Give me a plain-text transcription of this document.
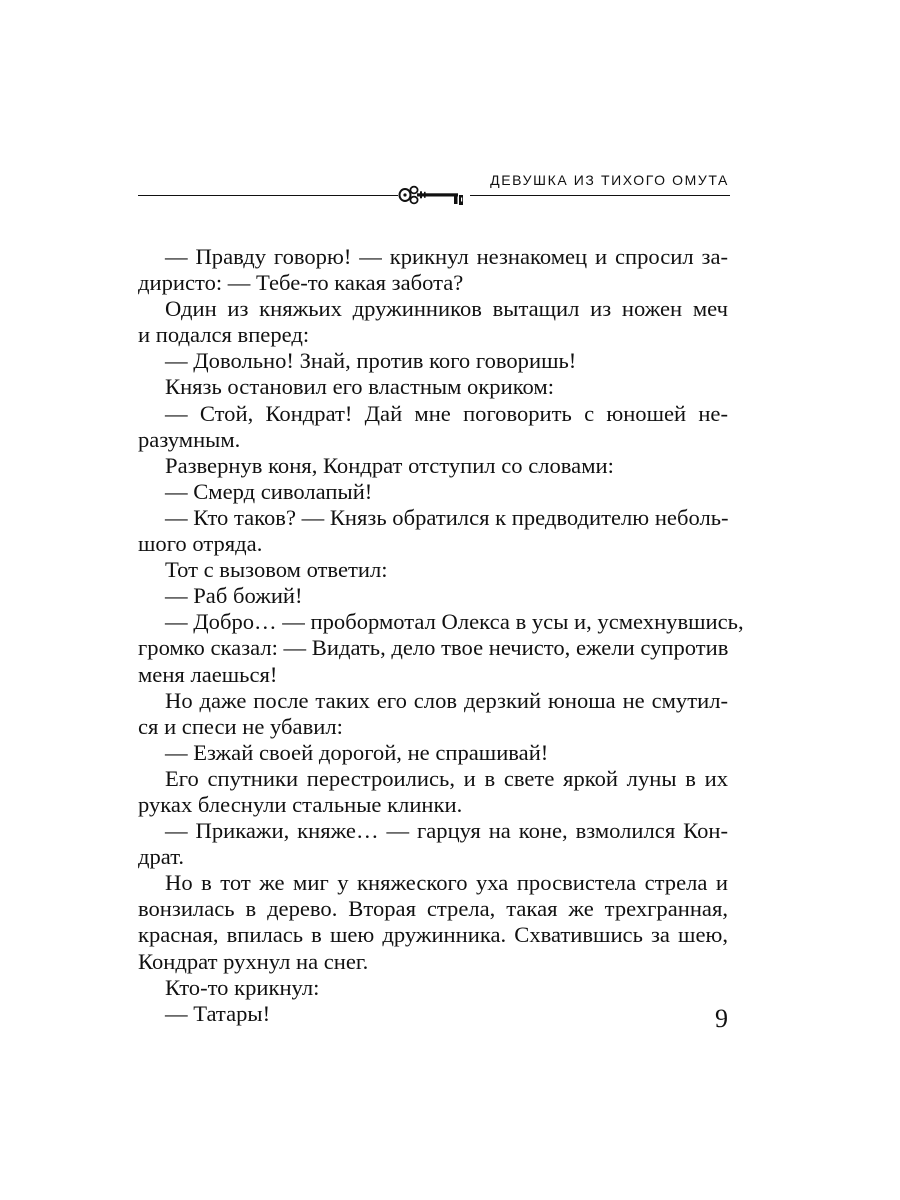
ДЕВУШКА ИЗ ТИХОГО ОМУТА
— Правду говорю! — крикнул незнакомец и спросил за-
диристо: — Тебе-то какая забота?
Один из княжьих дружинников вытащил из ножен меч
и подался вперед:
— Довольно! Знай, против кого говоришь!
Князь остановил его властным окриком:
— Стой, Кондрат! Дай мне поговорить с юношей не-
разумным.
Развернув коня, Кондрат отступил со словами:
— Смерд сиволапый!
— Кто таков? — Князь обратился к предводителю неболь-
шого отряда.
Тот с вызовом ответил:
— Раб божий!
— Добро… — пробормотал Олекса в усы и, усмехнувшись,
громко сказал: — Видать, дело твое нечисто, ежели супротив
меня лаешься!
Но даже после таких его слов дерзкий юноша не смутил-
ся и спеси не убавил:
— Езжай своей дорогой, не спрашивай!
Его спутники перестроились, и в свете яркой луны в их
руках блеснули стальные клинки.
— Прикажи, княже… — гарцуя на коне, взмолился Кон-
драт.
Но в тот же миг у княжеского уха просвистела стрела и
вонзилась в дерево. Вторая стрела, такая же трехгранная,
красная, впилась в шею дружинника. Схватившись за шею,
Кондрат рухнул на снег.
Кто-то крикнул:
— Татары!	9
